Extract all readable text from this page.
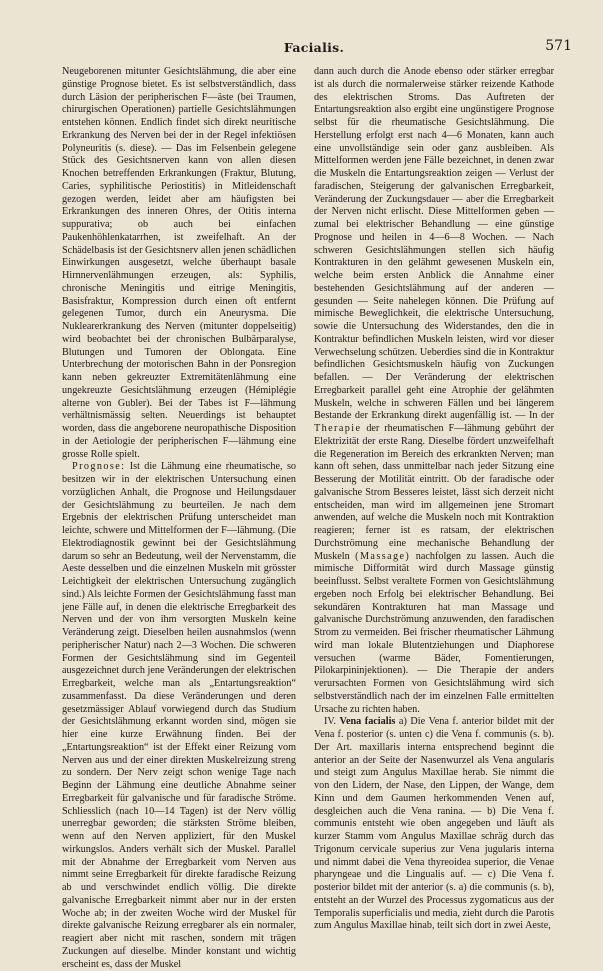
Facialis.	571

Neugeborenen mitunter Gesichtslähmung, die aber eine günstige Prognose bietet. Es ist selbstverständlich, dass durch Läsion der peripherischen F—äste (bei Traumen, chirurgischen Operationen) partielle Gesichtslähmungen entstehen können. Endlich findet sich direkt neuritische Erkrankung des Nerven bei der in der Regel infektiösen Polyneuritis (s. diese). — Das im Felsenbein gelegene Stück des Gesichtsnerven kann von allen diesen Knochen betreffenden Erkrankungen (Fraktur, Blutung, Caries, syphilitische Periostitis) in Mitleidenschaft gezogen werden, leidet aber am häufigsten bei Erkrankungen des inneren Ohres, der Otitis interna suppurativa; ob auch bei einfachen Paukenhöhlenkatarrhen, ist zweifelhaft. An der Schädelbasis ist der Gesichtsnerv allen jenen schädlichen Einwirkungen ausgesetzt, welche überhaupt basale Hirnnervenlähmungen erzeugen, als: Syphilis, chronische Meningitis und eitrige Meningitis, Basisfraktur, Kompression durch einen oft entfernt gelegenen Tumor, durch ein Aneurysma. Die Nuklearerkrankung des Nerven (mitunter doppelseitig) wird beobachtet bei der chronischen Bulbärparalyse, Blutungen und Tumoren der Oblongata. Eine Unterbrechung der motorischen Bahn in der Ponsregion kann neben gekreuzter Extremitätenlähmung eine ungekreuzte Gesichtslähmung erzeugen (Hémiplégie alterne von Gubler). Bei der Tabes ist F—lähmung verhältnismässig selten. Neuerdings ist behauptet worden, dass die angeborene neuropathische Disposition in der Aetiologie der peripherischen F—lähmung eine grosse Rolle spielt.

Prognose: Ist die Lähmung eine rheumatische, so besitzen wir in der elektrischen Untersuchung einen vorzüglichen Anhalt, die Prognose und Heilungsdauer der Gesichtslähmung zu beurteilen. Je nach dem Ergebnis der elektrischen Prüfung unterscheidet man leichte, schwere und Mittelformen der F—lähmung. (Die Elektrodiagnostik gewinnt bei der Gesichtslähmung darum so sehr an Bedeutung, weil der Nervenstamm, die Aeste desselben und die einzelnen Muskeln mit grösster Leichtigkeit der elektrischen Untersuchung zugänglich sind.) Als leichte Formen der Gesichtslähmung fasst man jene Fälle auf, in denen die elektrische Erregbarkeit des Nerven und der von ihm versorgten Muskeln keine Veränderung zeigt. Dieselben heilen ausnahmslos (wenn peripherischer Natur) nach 2—3 Wochen. Die schweren Formen der Gesichtslähmung sind im Gegenteil ausgezeichnet durch jene Veränderungen der elektrischen Erregbarkeit, welche man als „Entartungsreaktion“ zusammenfasst. Da diese Veränderungen und deren gesetzmässiger Ablauf vorwiegend durch das Studium der Gesichtslähmung erkannt worden sind, mögen sie hier eine kurze Erwähnung finden. Bei der „Entartungsreaktion“ ist der Effekt einer Reizung vom Nerven aus und der einer direkten Muskelreizung streng zu sondern. Der Nerv zeigt schon wenige Tage nach Beginn der Lähmung eine deutliche Abnahme seiner Erregbarkeit für galvanische und für faradische Ströme. Schliesslich (nach 10—14 Tagen) ist der Nerv völlig unerregbar geworden; die stärksten Ströme bleiben, wenn auf den Nerven appliziert, für den Muskel wirkungslos. Anders verhält sich der Muskel. Parallel mit der Abnahme der Erregbarkeit vom Nerven aus nimmt seine Erregbarkeit für direkte faradische Reizung ab und verschwindet endlich völlig. Die direkte galvanische Erregbarkeit nimmt aber nur in der ersten Woche ab; in der zweiten Woche wird der Muskel für direkte galvanische Reizung erregbarer als ein normaler, reagiert aber nicht mit raschen, sondern mit trägen Zuckungen auf dieselbe. Minder konstant und wichtig erscheint es, dass der Muskel

dann auch durch die Anode ebenso oder stärker erregbar ist als durch die normalerweise stärker reizende Kathode des elektrischen Stroms. Das Auftreten der Entartungsreaktion also ergibt eine ungünstigere Prognose selbst für die rheumatische Gesichtslähmung. Die Herstellung erfolgt erst nach 4—6 Monaten, kann auch eine unvollständige sein oder ganz ausbleiben. Als Mittelformen werden jene Fälle bezeichnet, in denen zwar die Muskeln die Entartungsreaktion zeigen — Verlust der faradischen, Steigerung der galvanischen Erregbarkeit, Veränderung der Zuckungsdauer — aber die Erregbarkeit der Nerven nicht erlischt. Diese Mittelformen geben — zumal bei elektrischer Behandlung — eine günstige Prognose und heilen in 4—6—8 Wochen. — Nach schweren Gesichtslähmungen stellen sich häufig Kontrakturen in den gelähmt gewesenen Muskeln ein, welche beim ersten Anblick die Annahme einer bestehenden Gesichtslähmung auf der anderen — gesunden — Seite nahelegen können. Die Prüfung auf mimische Beweglichkeit, die elektrische Untersuchung, sowie die Untersuchung des Widerstandes, den die in Kontraktur befindlichen Muskeln leisten, wird vor dieser Verwechselung schützen. Ueberdies sind die in Kontraktur befindlichen Gesichtsmuskeln häufig von Zuckungen befallen. — Der Veränderung der elektrischen Erregbarkeit parallel geht eine Atrophie der gelähmten Muskeln, welche in schweren Fällen und bei längerem Bestande der Erkrankung direkt augenfällig ist. — In der Therapie der rheumatischen F—lähmung gebührt der Elektrizität der erste Rang. Dieselbe fördert unzweifelhaft die Regeneration im Bereich des erkrankten Nerven; man kann oft sehen, dass unmittelbar nach jeder Sitzung eine Besserung der Motilität eintritt. Ob der faradische oder galvanische Strom Besseres leistet, lässt sich derzeit nicht entscheiden, man wird im allgemeinen jene Stromart anwenden, auf welche die Muskeln noch mit Kontraktion reagieren; ferner ist es ratsam, der elektrischen Durchströmung eine mechanische Behandlung der Muskeln (Massage) nachfolgen zu lassen. Auch die mimische Difformität wird durch Massage günstig beeinflusst. Selbst veraltete Formen von Gesichtslähmung ergeben noch Erfolg bei elektrischer Behandlung. Bei sekundären Kontrakturen hat man Massage und galvanische Durchströmung anzuwenden, den faradischen Strom zu vermeiden. Bei frischer rheumatischer Lähmung wird man lokale Blutentziehungen und Diaphorese versuchen (warme Bäder, Fomentierungen, Pilokarpininjektionen). — Die Therapie der anders verursachten Formen von Gesichtslähmung wird sich selbstverständlich nach der im einzelnen Falle ermittelten Ursache zu richten haben.

IV. Vena facialis a) Die Vena f. anterior bildet mit der Vena f. posterior (s. unten c) die Vena f. communis (s. b). Der Art. maxillaris interna entsprechend beginnt die anterior an der Seite der Nasenwurzel als Vena angularis und steigt zum Angulus Maxillae herab. Sie nimmt die von den Lidern, der Nase, den Lippen, der Wange, dem Kinn und dem Gaumen herkommenden Venen auf, desgleichen auch die Vena ranina. — b) Die Vena f. communis entsteht wie oben angegeben und läuft als kurzer Stamm vom Angulus Maxillae schräg durch das Trigonum cervicale superius zur Vena jugularis interna und nimmt dabei die Vena thyreoidea superior, die Venae pharyngeae und die Lingualis auf. — c) Die Vena f. posterior bildet mit der anterior (s. a) die communis (s. b), entsteht an der Wurzel des Processus zygomaticus aus der Temporalis superficialis und media, zieht durch die Parotis zum Angulus Maxillae hinab, teilt sich dort in zwei Aeste,
